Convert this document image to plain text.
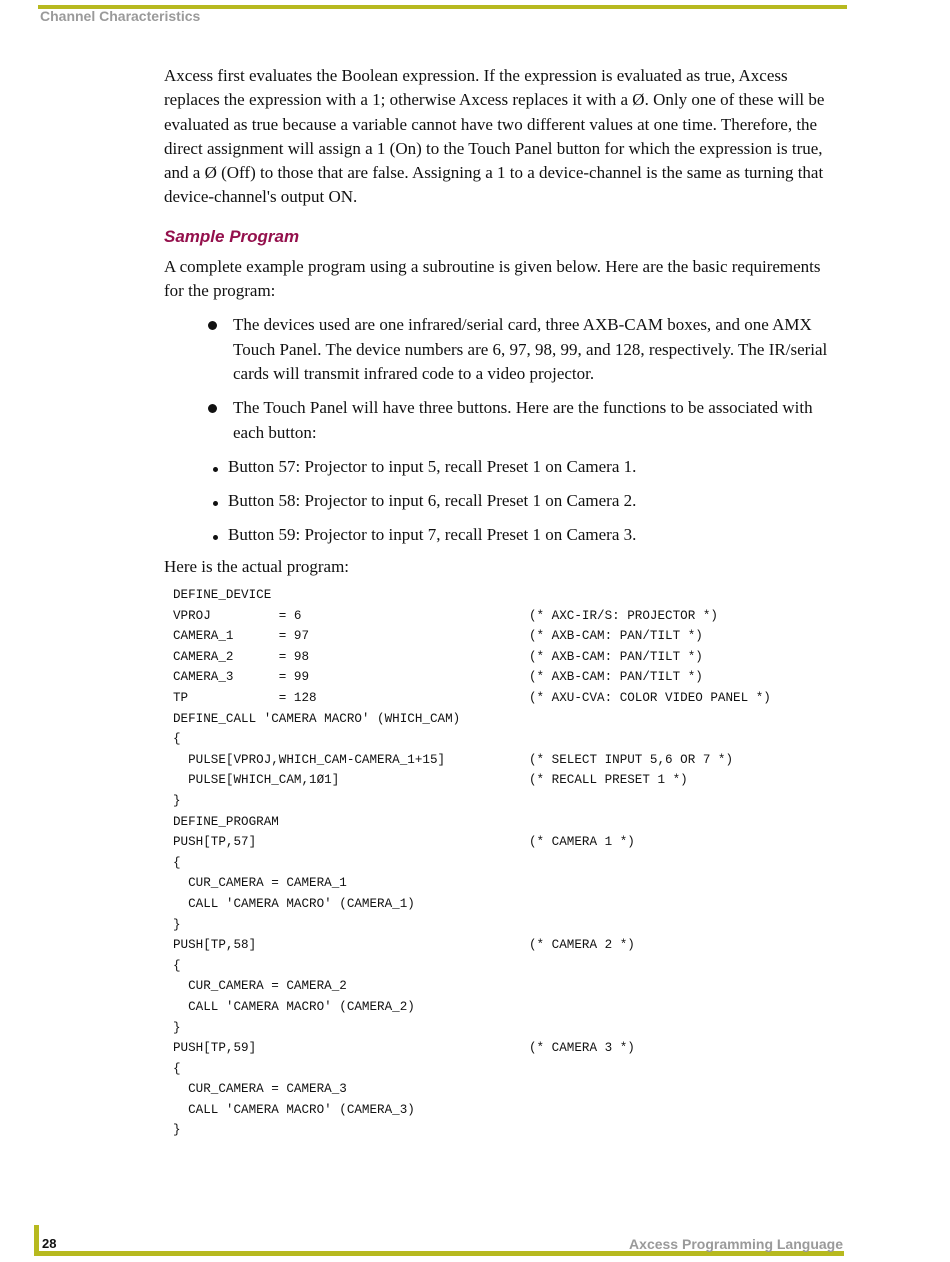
Channel Characteristics

Axcess first evaluates the Boolean expression. If the expression is evaluated as true, Axcess replaces the expression with a 1; otherwise Axcess replaces it with a Ø. Only one of these will be evaluated as true because a variable cannot have two different values at one time. Therefore, the direct assignment will assign a 1 (On) to the Touch Panel button for which the expression is true, and a Ø (Off) to those that are false. Assigning a 1 to a device-channel is the same as turning that device-channel's output ON.

Sample Program

A complete example program using a subroutine is given below. Here are the basic requirements for the program:

The devices used are one infrared/serial card, three AXB-CAM boxes, and one AMX Touch Panel. The device numbers are 6, 97, 98, 99, and 128, respectively. The IR/serial cards will transmit infrared code to a video projector.
The Touch Panel will have three buttons. Here are the functions to be associated with each button:
Button 57: Projector to input 5, recall Preset 1 on Camera 1.
Button 58: Projector to input 6, recall Preset 1 on Camera 2.
Button 59: Projector to input 7, recall Preset 1 on Camera 3.

Here is the actual program:

DEFINE_DEVICE
VPROJ         = 6	(* AXC-IR/S: PROJECTOR *)
CAMERA_1      = 97	(* AXB-CAM: PAN/TILT *)
CAMERA_2      = 98	(* AXB-CAM: PAN/TILT *)
CAMERA_3      = 99	(* AXB-CAM: PAN/TILT *)
TP            = 128	(* AXU-CVA: COLOR VIDEO PANEL *)
DEFINE_CALL 'CAMERA MACRO' (WHICH_CAM)
{
PULSE[VPROJ,WHICH_CAM-CAMERA_1+15]	(* SELECT INPUT 5,6 OR 7 *)
PULSE[WHICH_CAM,1Ø1]	(* RECALL PRESET 1 *)
}
DEFINE_PROGRAM
PUSH[TP,57]	(* CAMERA 1 *)
{
CUR_CAMERA = CAMERA_1
CALL 'CAMERA MACRO' (CAMERA_1)
}
PUSH[TP,58]	(* CAMERA 2 *)
{
CUR_CAMERA = CAMERA_2
CALL 'CAMERA MACRO' (CAMERA_2)
}
PUSH[TP,59]	(* CAMERA 3 *)
{
CUR_CAMERA = CAMERA_3
CALL 'CAMERA MACRO' (CAMERA_3)
}
28	Axcess Programming Language
